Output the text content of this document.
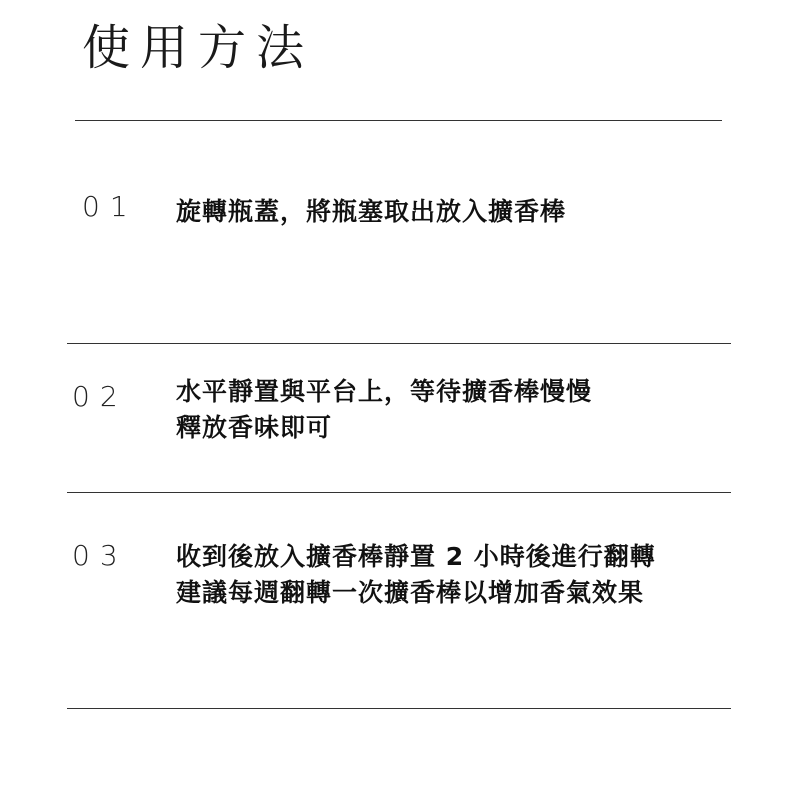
使用方法
01 旋轉瓶蓋，將瓶塞取出放入擴香棒
02 水平靜置與平台上，等待擴香棒慢慢
釋放香味即可
03 收到後放入擴香棒靜置 2 小時後進行翻轉
建議每週翻轉一次擴香棒以增加香氣效果
